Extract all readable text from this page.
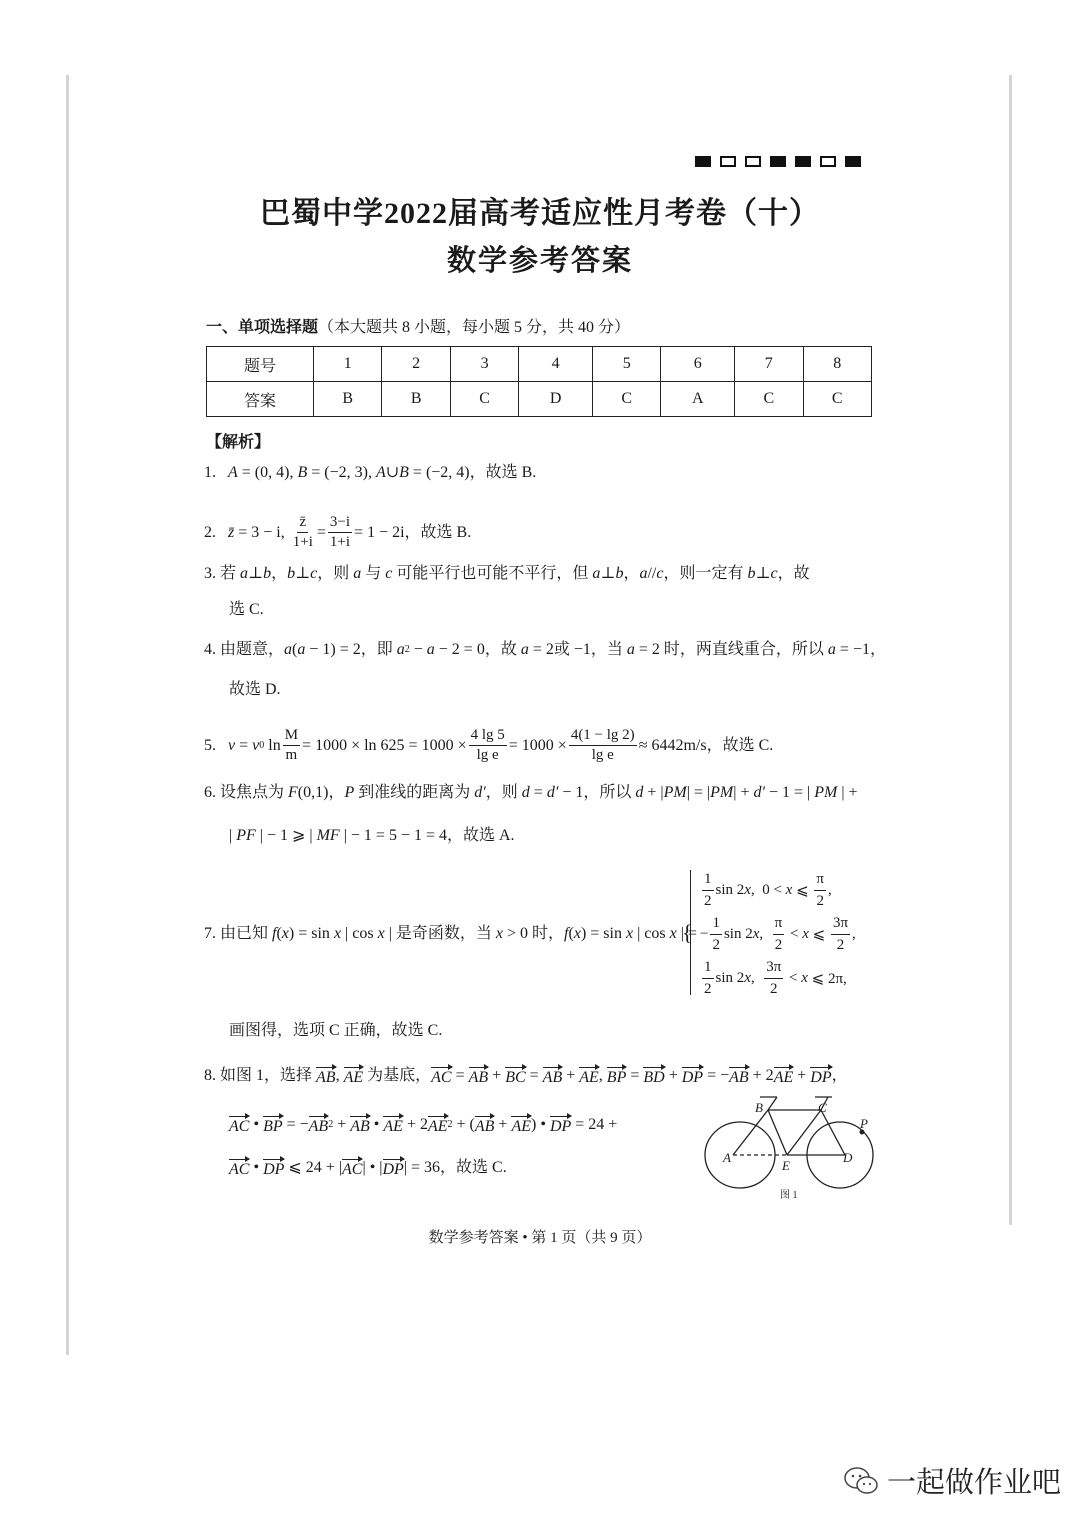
巴蜀中学2022届高考适应性月考卷（十）
数学参考答案
一、单项选择题（本大题共 8 小题，每小题 5 分，共 40 分）
题号	1	2	3	4	5	6	7	8
答案	B	B	C	D	C	A	C	C
【解析】
1. A = (0, 4), B = (−2, 3), A ∪ B = (−2, 4)，故选 B.
2. z̄ = 3 − i, $\frac{z̄}{1+i} = \frac{3-i}{1+i} = 1 - 2i$，故选 B.
3. 若 a ⊥ b ， b ⊥ c ，则 a 与 c 可能平行也可能不平行，但 a ⊥ b ， a // c ，则一定有 b ⊥ c ，故
选 C.
4. 由题意， a ( a − 1) = 2，即 a 2 − a − 2 = 0，故 a = 2或 −1，当 a = 2 时，两直线重合，所以 a = −1，
故选 D.
5. v = v 0 $\ln \frac{M}{m} = 1000 \times \ln 625 = 1000 \times \frac{4 \lg 5}{\text{lg e}} = 1000 \times \frac{4(1 - \lg 2)}{\text{lg e}} \approx 6442m/s$，故选 C.
6. 设焦点为 F (0,1)， P 到准线的距离为 d′ ，则 d = d′ − 1，所以 d + | PM | = | PM | + d′ − 1 = | PM | +
| PF | − 1 ⩾ | MF | − 1 = 5 − 1 = 4，故选 A.
7. 由已知 f ( x ) = sin x | cos x | 是奇函数，当 x > 0 时， f ( x ) = sin x | cos x | =
画图得，选项 C 正确，故选 C.
8. 如图 1，选择 AB , AE 为基底， AC = AB + BC = AB + AE , BP = BD + DP = − AB + 2 AE + DP ，
AC • BP = − AB 2 + AB • AE + 2 AE 2 + ( AB + AE ) • DP = 24 +
AC • DP ⩽ 24 + | AC | • | DP | = 36，故选 C.
{
$\frac{1}{2}$ sin 2 x ,  0 < x ⩽ $\frac{\pi}{2}$ ,
− $\frac{1}{2}$ sin 2 x , $\frac{\pi}{2} < x$ ⩽ $\frac{3\pi}{2}$ ,
$\frac{1}{2}$ sin 2 x , $\frac{3\pi}{2} < x$ ⩽ 2π,
A
B	C
D
E
P
图 1
数学参考答案 • 第 1 页（共 9 页）
一起做作业吧
